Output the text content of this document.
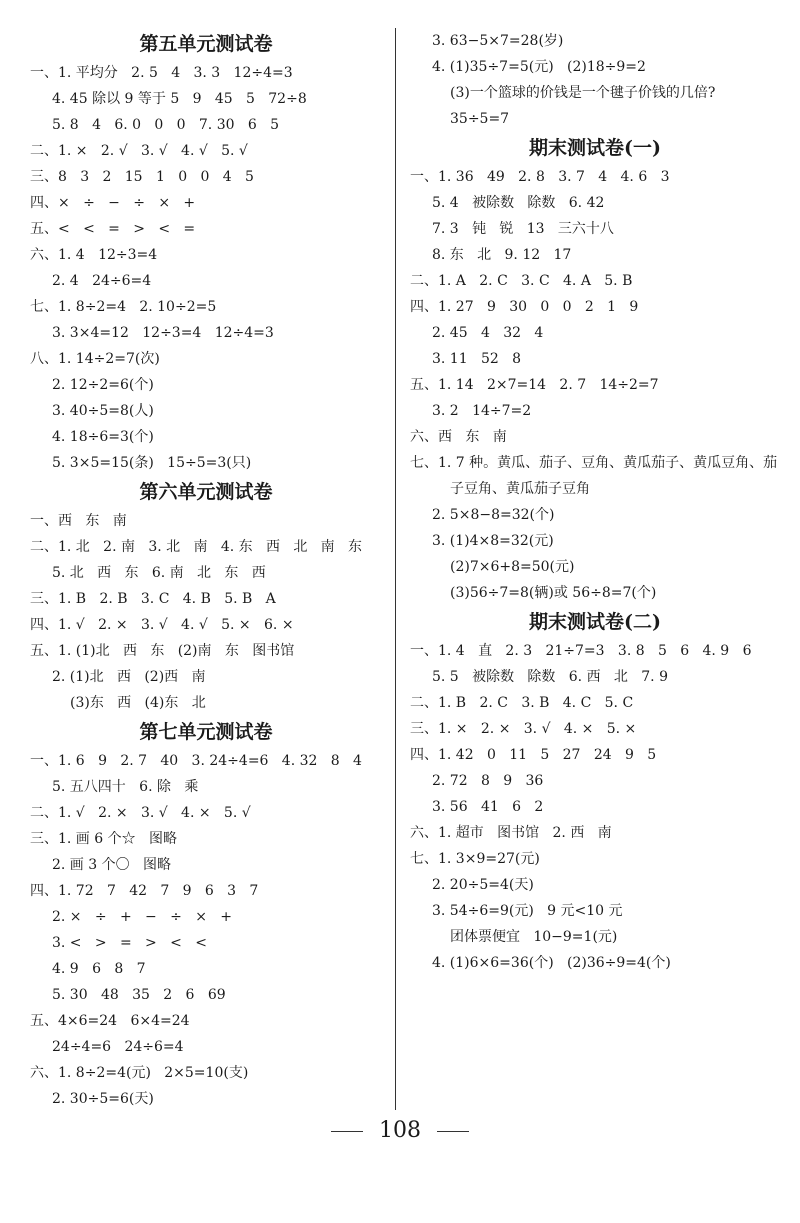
第五单元测试卷
一、1. 平均分   2. 5   4   3. 3   12÷4=3
4. 45 除以 9 等于 5   9   45   5   72÷8
5. 8   4   6. 0   0   0   7. 30   6   5
二、1. ×   2. √   3. √   4. √   5. √
三、8   3   2   15   1   0   0   4   5
四、×   ÷   −   ÷   ×   +
五、<   <   =   >   <   =
六、1. 4   12÷3=4
2. 4   24÷6=4
七、1. 8÷2=4   2. 10÷2=5
3. 3×4=12   12÷3=4   12÷4=3
八、1. 14÷2=7(次)
2. 12÷2=6(个)
3. 40÷5=8(人)
4. 18÷6=3(个)
5. 3×5=15(条)   15÷5=3(只)
第六单元测试卷
一、西   东   南
二、1. 北   2. 南   3. 北   南   4. 东   西   北   南   东
5. 北   西   东   6. 南   北   东   西
三、1. B   2. B   3. C   4. B   5. B   A
四、1. √   2. ×   3. √   4. √   5. ×   6. ×
五、1. (1)北   西   东   (2)南   东   图书馆
2. (1)北   西   (2)西   南
(3)东   西   (4)东   北
第七单元测试卷
一、1. 6   9   2. 7   40   3. 24÷4=6   4. 32   8   4
5. 五八四十   6. 除   乘
二、1. √   2. ×   3. √   4. ×   5. √
三、1. 画 6 个☆   图略
2. 画 3 个〇   图略
四、1. 72   7   42   7   9   6   3   7
2. ×   ÷   +   −   ÷   ×   +
3. <   >   =   >   <   <
4. 9   6   8   7
5. 30   48   35   2   6   69
五、4×6=24   6×4=24
24÷4=6   24÷6=4
六、1. 8÷2=4(元)   2×5=10(支)
2. 30÷5=6(天)
3. 63−5×7=28(岁)
4. (1)35÷7=5(元)   (2)18÷9=2
(3)一个篮球的价钱是一个毽子价钱的几倍?
35÷5=7
期末测试卷(一)
一、1. 36   49   2. 8   3. 7   4   4. 6   3
5. 4   被除数   除数   6. 42
7. 3   钝   锐   13   三六十八
8. 东   北   9. 12   17
二、1. A   2. C   3. C   4. A   5. B
四、1. 27   9   30   0   0   2   1   9
2. 45   4   32   4
3. 11   52   8
五、1. 14   2×7=14   2. 7   14÷2=7
3. 2   14÷7=2
六、西   东   南
七、1. 7 种。黄瓜、茄子、豆角、黄瓜茄子、黄瓜豆角、茄
子豆角、黄瓜茄子豆角
2. 5×8−8=32(个)
3. (1)4×8=32(元)
(2)7×6+8=50(元)
(3)56÷7=8(辆)或 56÷8=7(个)
期末测试卷(二)
一、1. 4   直   2. 3   21÷7=3   3. 8   5   6   4. 9   6
5. 5   被除数   除数   6. 西   北   7. 9
二、1. B   2. C   3. B   4. C   5. C
三、1. ×   2. ×   3. √   4. ×   5. ×
四、1. 42   0   11   5   27   24   9   5
2. 72   8   9   36
3. 56   41   6   2
六、1. 超市   图书馆   2. 西   南
七、1. 3×9=27(元)
2. 20÷5=4(天)
3. 54÷6=9(元)   9 元<10 元
团体票便宜   10−9=1(元)
4. (1)6×6=36(个)   (2)36÷9=4(个)
108
